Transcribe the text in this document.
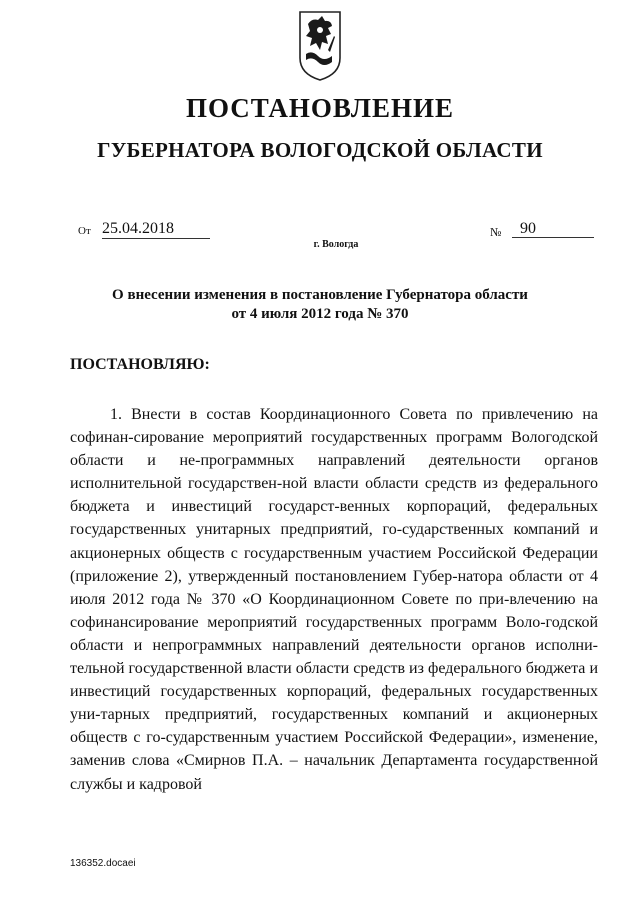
ПОСТАНОВЛЕНИЕ
ГУБЕРНАТОРА ВОЛОГОДСКОЙ ОБЛАСТИ
От 25.04.2018	№	90
г. Вологда
О внесении изменения в постановление Губернатора области
от 4 июля 2012 года № 370
ПОСТАНОВЛЯЮ:
1. Внести в состав Координационного Совета по привлечению на софинан-сирование мероприятий государственных программ Вологодской области и не-программных направлений деятельности органов исполнительной государствен-ной власти области средств из федерального бюджета и инвестиций государст-венных корпораций, федеральных государственных унитарных предприятий, го-сударственных компаний и акционерных обществ с государственным участием Российской Федерации (приложение 2), утвержденный постановлением Губер-натора области от 4 июля 2012 года № 370 «О Координационном Совете по при-влечению на софинансирование мероприятий государственных программ Воло-годской области и непрограммных направлений деятельности органов исполни-тельной государственной власти области средств из федерального бюджета и инвестиций государственных корпораций, федеральных государственных уни-тарных предприятий, государственных компаний и акционерных обществ с го-сударственным участием Российской Федерации», изменение, заменив слова «Смирнов П.А. – начальник Департамента государственной службы и кадровой
136352.docaei
